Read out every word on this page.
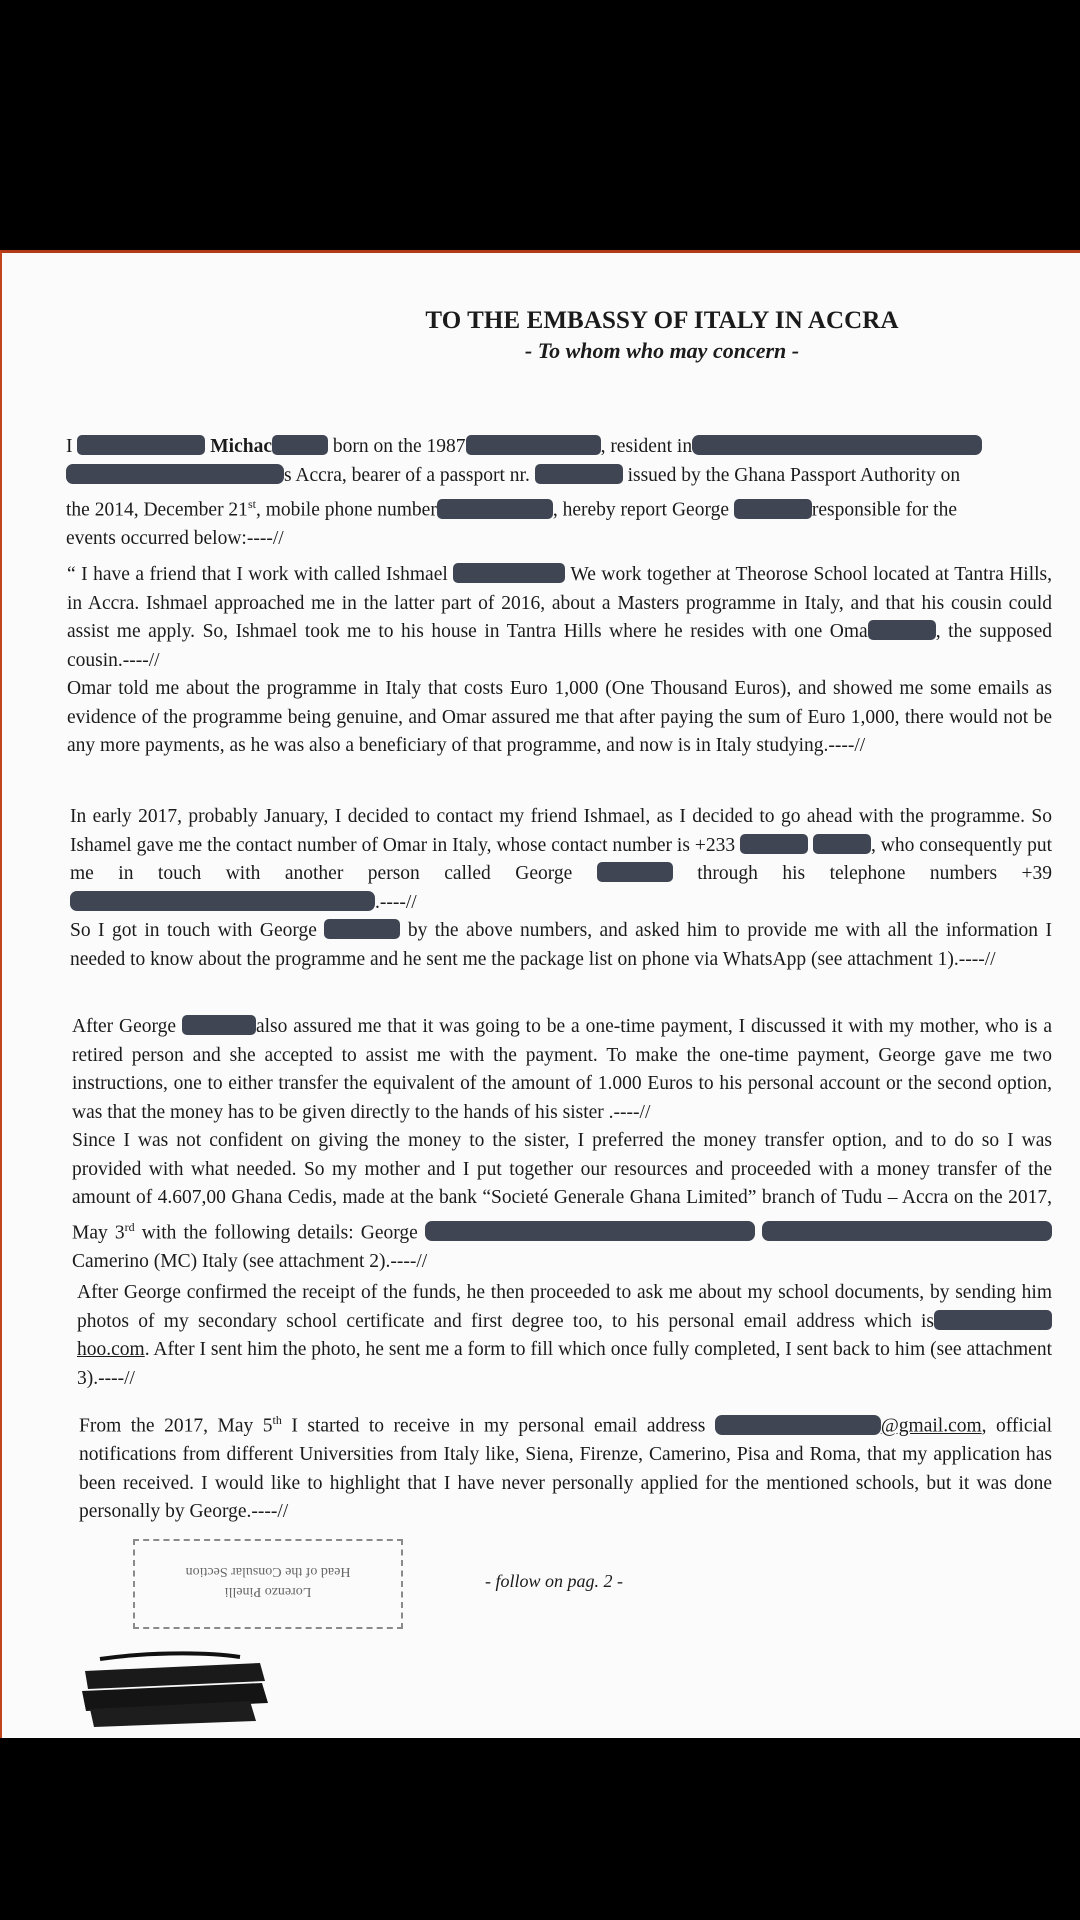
TO THE EMBASSY OF ITALY IN ACCRA
- To whom who may concern -
I	Michac	born on the 1987	, resident in
s Accra, bearer of a passport nr.	issued by the Ghana Passport Authority on
the 2014, December 21st, mobile phone number	, hereby report George	responsible for the
events occurred below:----//
“ I have a friend that I work with called Ishmael	We work together at Theorose School located at Tantra Hills, in Accra. Ishmael approached me in the latter part of 2016, about a Masters programme in Italy, and that his cousin could assist me apply. So, Ishmael took me to his house in Tantra Hills where he resides with one Oma	, the supposed cousin.----//
Omar told me about the programme in Italy that costs Euro 1,000 (One Thousand Euros), and showed me some emails as evidence of the programme being genuine, and Omar assured me that after paying the sum of Euro 1,000, there would not be any more payments, as he was also a beneficiary of that programme, and now is in Italy studying.----//
In early 2017, probably January, I decided to contact my friend Ishmael, as I decided to go ahead with the programme. So Ishamel gave me the contact number of Omar in Italy, whose contact number is +233	, who consequently put me in touch with another person called George	through his telephone numbers +39.----//
So I got in touch with George	by the above numbers, and asked him to provide me with all the information I needed to know about the programme and he sent me the package list on phone via WhatsApp (see attachment 1).----//
After George	also assured me that it was going to be a one-time payment, I discussed it with my mother, who is a retired person and she accepted to assist me with the payment. To make the one-time payment, George gave me two instructions, one to either transfer the equivalent of the amount of 1.000 Euros to his personal account or the second option, was that the money has to be given directly to the hands of his sister .----//
Since I was not confident on giving the money to the sister, I preferred the money transfer option, and to do so I was provided with what needed. So my mother and I put together our resources and proceeded with a money transfer of the amount of 4.607,00 Ghana Cedis, made at the bank “Societé Generale Ghana Limited” branch of Tudu – Accra on the 2017, May 3rd with the following details: George  Camerino (MC) Italy (see attachment 2).----//
After George confirmed the receipt of the funds, he then proceeded to ask me about my school documents, by sending him photos of my secondary school certificate and first degree too, to his personal email address which ishoo.com. After I sent him the photo, he sent me a form to fill which once fully completed, I sent back to him (see attachment 3).----//
From the 2017, May 5th I started to receive in my personal email address	@gmail.com, official notifications from different Universities from Italy like, Siena, Firenze, Camerino, Pisa and Roma, that my application has been received. I would like to highlight that I have never personally applied for the mentioned schools, but it was done personally by George.----//
Lorenzo Pinelli
Head of the Consular Section	- follow on pag. 2 -
